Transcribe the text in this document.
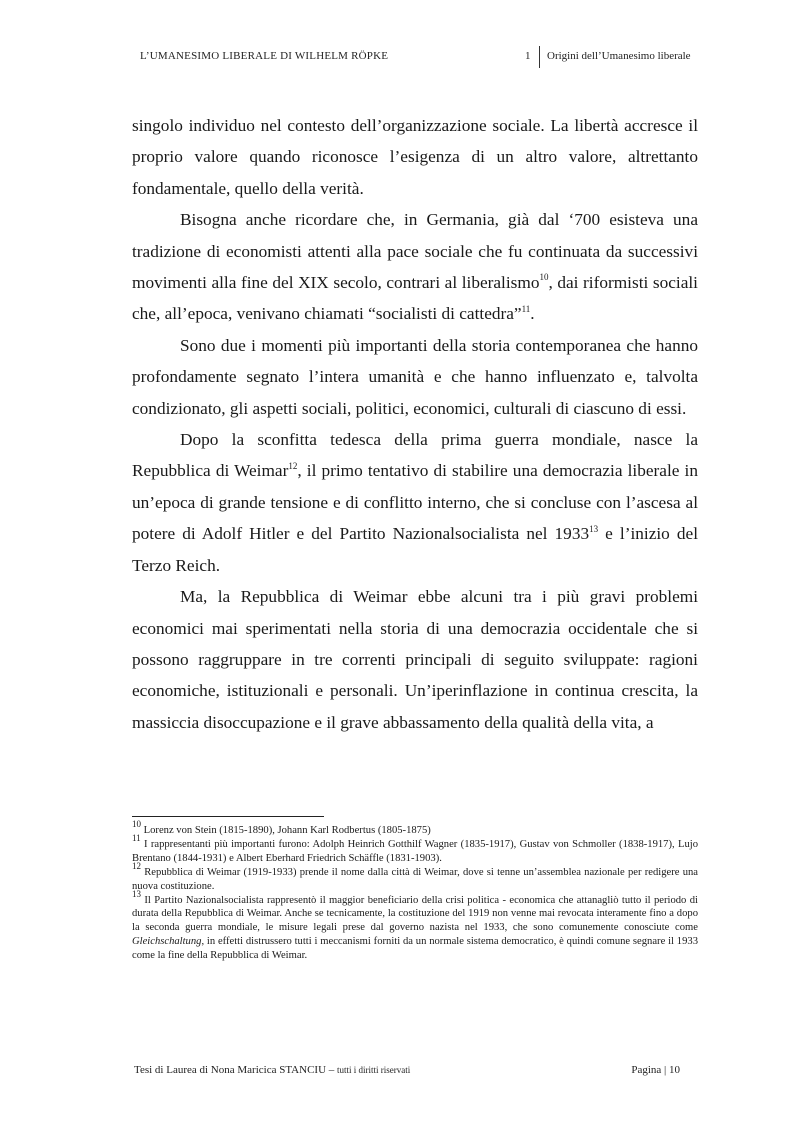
L’UMANESIMO LIBERALE DI WILHELM RÖPKE	1 Origini dell’Umanesimo liberale

singolo individuo nel contesto dell’organizzazione sociale. La libertà accresce il proprio valore quando riconosce l’esigenza di un altro valore, altrettanto fondamentale, quello della verità.

Bisogna anche ricordare che, in Germania, già dal ‘700 esisteva una tradizione di economisti attenti alla pace sociale che fu continuata da successivi movimenti alla fine del XIX secolo, contrari al liberalismo$^{10}$, dai riformisti sociali che, all’epoca, venivano chiamati “socialisti di cattedra”$^{11}$.

Sono due i momenti più importanti della storia contemporanea che hanno profondamente segnato l’intera umanità e che hanno influenzato e, talvolta condizionato, gli aspetti sociali, politici, economici, culturali di ciascuno di essi.

Dopo la sconfitta tedesca della prima guerra mondiale, nasce la Repubblica di Weimar$^{12}$, il primo tentativo di stabilire una democrazia liberale in un’epoca di grande tensione e di conflitto interno, che si concluse con l’ascesa al potere di Adolf Hitler e del Partito Nazionalsocialista nel 1933$^{13}$ e l’inizio del Terzo Reich.

Ma, la Repubblica di Weimar ebbe alcuni tra i più gravi problemi economici mai sperimentati nella storia di una democrazia occidentale che si possono raggruppare in tre correnti principali di seguito sviluppate: ragioni economiche, istituzionali e personali. Un’iperinflazione in continua crescita, la massiccia disoccupazione e il grave abbassamento della qualità della vita, a

$^{10}$ Lorenz von Stein (1815-1890), Johann Karl Rodbertus (1805-1875)

$^{11}$ I rappresentanti più importanti furono: Adolph Heinrich Gotthilf Wagner (1835-1917), Gustav von Schmoller (1838-1917), Lujo Brentano (1844-1931) e Albert Eberhard Friedrich Schäffle (1831-1903).

$^{12}$ Repubblica di Weimar (1919-1933) prende il nome dalla città di Weimar, dove si tenne un’assemblea nazionale per redigere una nuova costituzione.

$^{13}$ Il Partito Nazionalsocialista rappresentò il maggior beneficiario della crisi politica - economica che attanagliò tutto il periodo di durata della Repubblica di Weimar. Anche se tecnicamente, la costituzione del 1919 non venne mai revocata interamente fino a dopo la seconda guerra mondiale, le misure legali prese dal governo nazista nel 1933, che sono comunemente conosciute come Gleichschaltung, in effetti distrussero tutti i meccanismi forniti da un normale sistema democratico, è quindi comune segnare il 1933 come la fine della Repubblica di Weimar.

Tesi di Laurea di Nona Maricica STANCIU – tutti i diritti riservati	Pagina | 10
